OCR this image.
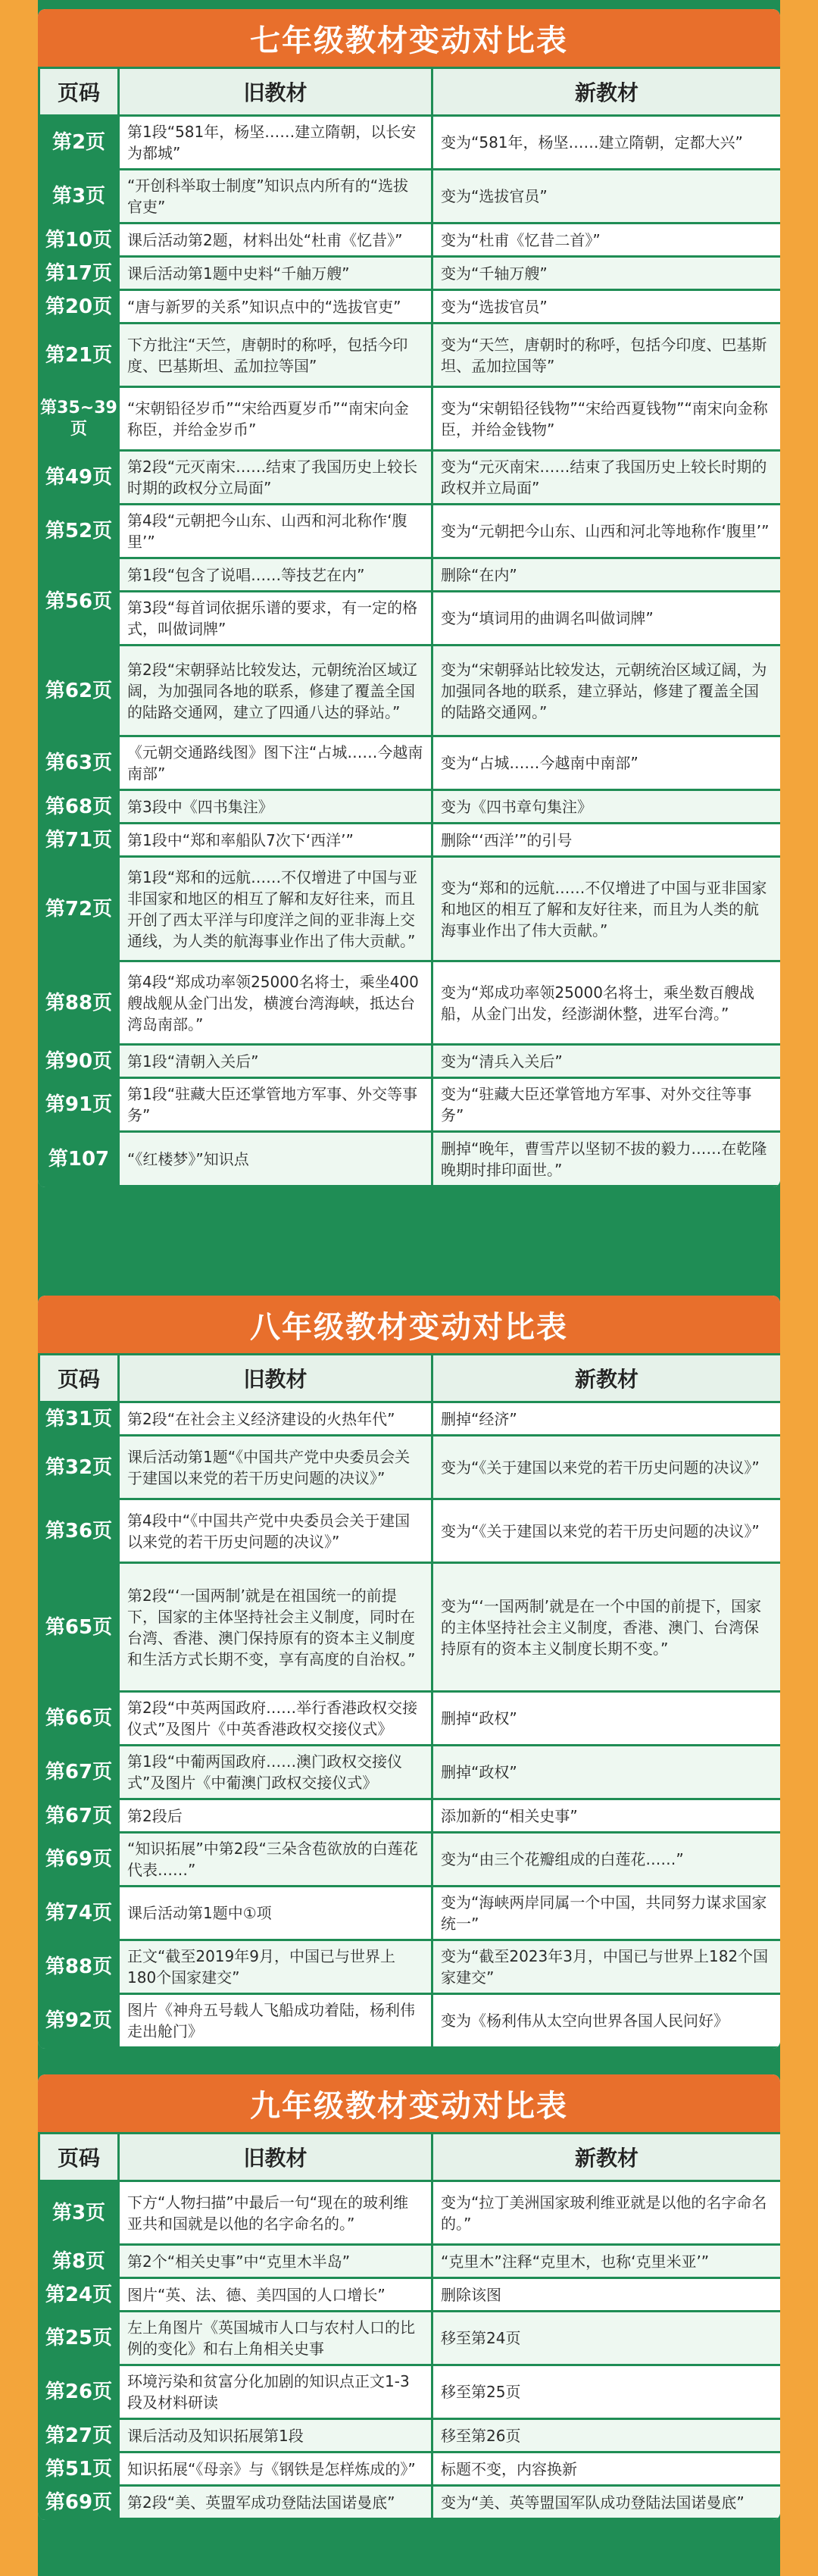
七年级教材变动对比表
页码	旧教材	新教材
第2页	第1段“581年，杨坚……建立隋朝，以长安为都城”	变为“581年，杨坚……建立隋朝，定都大兴”
第3页	“开创科举取士制度”知识点内所有的“选拔官吏”	变为“选拔官员”
第10页	课后活动第2题，材料出处“杜甫《忆昔》”	变为“杜甫《忆昔二首》”
第17页	课后活动第1题中史料“千舳万艘”	变为“千轴万艘”
第20页	“唐与新罗的关系”知识点中的“选拔官吏”	变为“选拔官员”
第21页	下方批注“天竺，唐朝时的称呼，包括今印度、巴基斯坦、孟加拉等国”	变为“天竺，唐朝时的称呼，包括今印度、巴基斯坦、孟加拉国等”
第35~39页	“宋朝铅径岁币”“宋给西夏岁币”“南宋向金称臣，并给金岁币”	变为“宋朝铅径钱物”“宋给西夏钱物”“南宋向金称臣，并给金钱物”
第49页	第2段“元灭南宋……结束了我国历史上较长时期的政权分立局面”	变为“元灭南宋……结束了我国历史上较长时期的政权并立局面”
第52页	第4段“元朝把今山东、山西和河北称作‘腹里’”	变为“元朝把今山东、山西和河北等地称作‘腹里’”
第56页	第1段“包含了说唱……等技艺在内”	删除“在内”
	第3段“每首词依据乐谱的要求，有一定的格式，叫做词牌”	变为“填词用的曲调名叫做词牌”
第62页	第2段“宋朝驿站比较发达，元朝统治区域辽阔，为加强同各地的联系，修建了覆盖全国的陆路交通网，建立了四通八达的驿站。”	变为“宋朝驿站比较发达，元朝统治区域辽阔，为加强同各地的联系，建立驿站，修建了覆盖全国的陆路交通网。”
第63页	《元朝交通路线图》图下注“占城……今越南南部”	变为“占城……今越南中南部”
第68页	第3段中《四书集注》	变为《四书章句集注》
第71页	第1段中“郑和率船队7次下‘西洋’”	删除“‘西洋’”的引号
第72页	第1段“郑和的远航……不仅增进了中国与亚非国家和地区的相互了解和友好往来，而且开创了西太平洋与印度洋之间的亚非海上交通线，为人类的航海事业作出了伟大贡献。”	变为“郑和的远航……不仅增进了中国与亚非国家和地区的相互了解和友好往来，而且为人类的航海事业作出了伟大贡献。”
第88页	第4段“郑成功率领25000名将士，乘坐400艘战舰从金门出发，横渡台湾海峡，抵达台湾岛南部。”	变为“郑成功率领25000名将士，乘坐数百艘战船，从金门出发，经澎湖休整，进军台湾。”
第90页	第1段“清朝入关后”	变为“清兵入关后”
第91页	第1段“驻藏大臣还掌管地方军事、外交等事务”	变为“驻藏大臣还掌管地方军事、对外交往等事务”
第107	“《红楼梦》”知识点	删掉“晚年，曹雪芹以坚韧不拔的毅力……在乾隆晚期时排印面世。”
八年级教材变动对比表
页码	旧教材	新教材
第31页	第2段“在社会主义经济建设的火热年代”	删掉“经济”
第32页	课后活动第1题“《中国共产党中央委员会关于建国以来党的若干历史问题的决议》”	变为“《关于建国以来党的若干历史问题的决议》”
第36页	第4段中“《中国共产党中央委员会关于建国以来党的若干历史问题的决议》”	变为“《关于建国以来党的若干历史问题的决议》”
第65页	第2段“‘一国两制’就是在祖国统一的前提下，国家的主体坚持社会主义制度，同时在台湾、香港、澳门保持原有的资本主义制度和生活方式长期不变，享有高度的自治权。”	变为“‘一国两制’就是在一个中国的前提下，国家的主体坚持社会主义制度，香港、澳门、台湾保持原有的资本主义制度长期不变。”
第66页	第2段“中英两国政府……举行香港政权交接仪式”及图片《中英香港政权交接仪式》	删掉“政权”
第67页	第1段“中葡两国政府……澳门政权交接仪式”及图片《中葡澳门政权交接仪式》	删掉“政权”
第67页	第2段后	添加新的“相关史事”
第69页	“知识拓展”中第2段“三朵含苞欲放的白莲花代表……”	变为“由三个花瓣组成的白莲花……”
第74页	课后活动第1题中①项	变为“海峡两岸同属一个中国，共同努力谋求国家统一”
第88页	正文“截至2019年9月，中国已与世界上180个国家建交”	变为“截至2023年3月，中国已与世界上182个国家建交”
第92页	图片《神舟五号载人飞船成功着陆，杨利伟走出舱门》	变为《杨利伟从太空向世界各国人民问好》
九年级教材变动对比表
页码	旧教材	新教材
第3页	下方“人物扫描”中最后一句“现在的玻利维亚共和国就是以他的名字命名的。”	变为“拉丁美洲国家玻利维亚就是以他的名字命名的。”
第8页	第2个“相关史事”中“克里木半岛”	“克里木”注释“克里木，也称‘克里米亚’”
第24页	图片“英、法、德、美四国的人口增长”	删除该图
第25页	左上角图片《英国城市人口与农村人口的比例的变化》和右上角相关史事	移至第24页
第26页	环境污染和贫富分化加剧的知识点正文1-3段及材料研读	移至第25页
第27页	课后活动及知识拓展第1段	移至第26页
第51页	知识拓展“《母亲》与《钢铁是怎样炼成的》”	标题不变，内容换新
第69页	第2段“美、英盟军成功登陆法国诺曼底”	变为“美、英等盟国军队成功登陆法国诺曼底”
